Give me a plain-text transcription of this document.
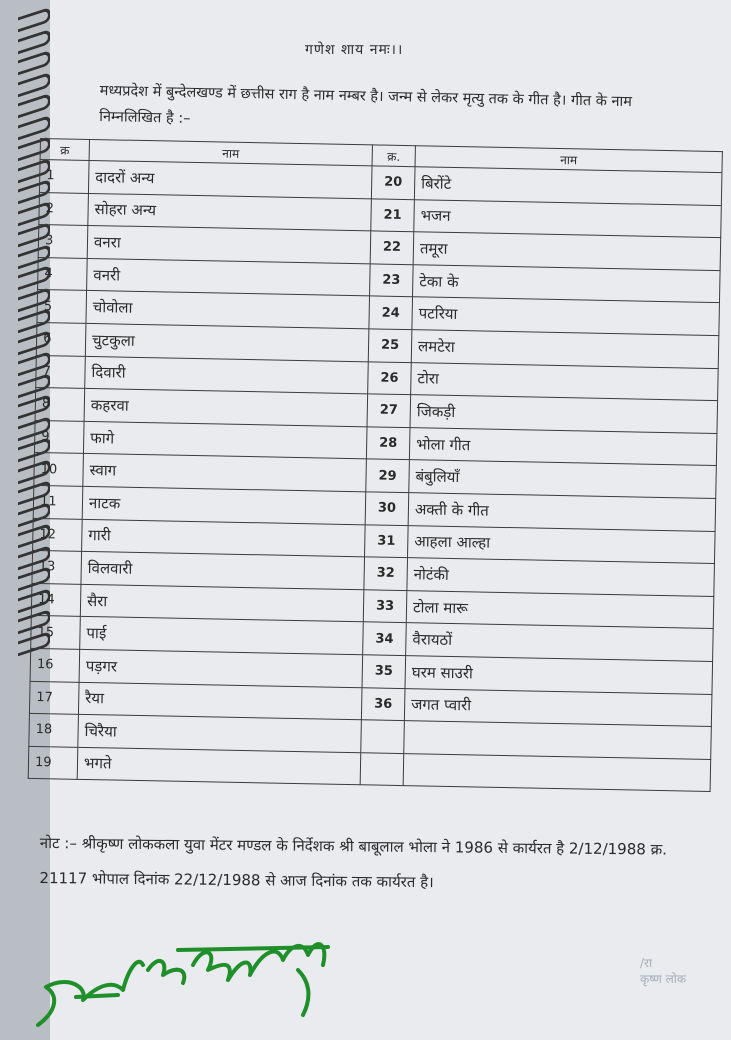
गणेश शाय नमः।।
मध्यप्रदेश में बुन्देलखण्ड में छत्तीस राग है नाम नम्बर है। जन्म से लेकर मृत्यु तक के गीत है। गीत के नाम निम्नलिखित है :–
क्र	नाम	क्र.	नाम
1	दादरों अन्य	20	बिरोंटे
2	सोहरा अन्य	21	भजन
3	वनरा	22	तमूरा
4	वनरी	23	टेका के
5	चोवोला	24	पटरिया
6	चुटकुला	25	लमटेरा
7	दिवारी	26	टोरा
8	कहरवा	27	जिकड़ी
9	फागे	28	भोला गीत
10	स्वाग	29	बंबुलियाँ
11	नाटक	30	अक्ती के गीत
12	गारी	31	आहला आल्हा
13	विलवारी	32	नोटंकी
14	सैरा	33	टोला मारू
15	पाई	34	वैरायठों
16	पड़गर	35	घरम साउरी
17	रैया	36	जगत प्वारी
18	चिरैया		
19	भगते		
नोट :– श्रीकृष्ण लोककला युवा मेंटर मण्डल के निर्देशक श्री बाबूलाल भोला ने 1986 से कार्यरत है 2/12/1988 क्र. 21117 भोपाल दिनांक 22/12/1988 से आज दिनांक तक कार्यरत है।
/रा
कृष्ण लोक
